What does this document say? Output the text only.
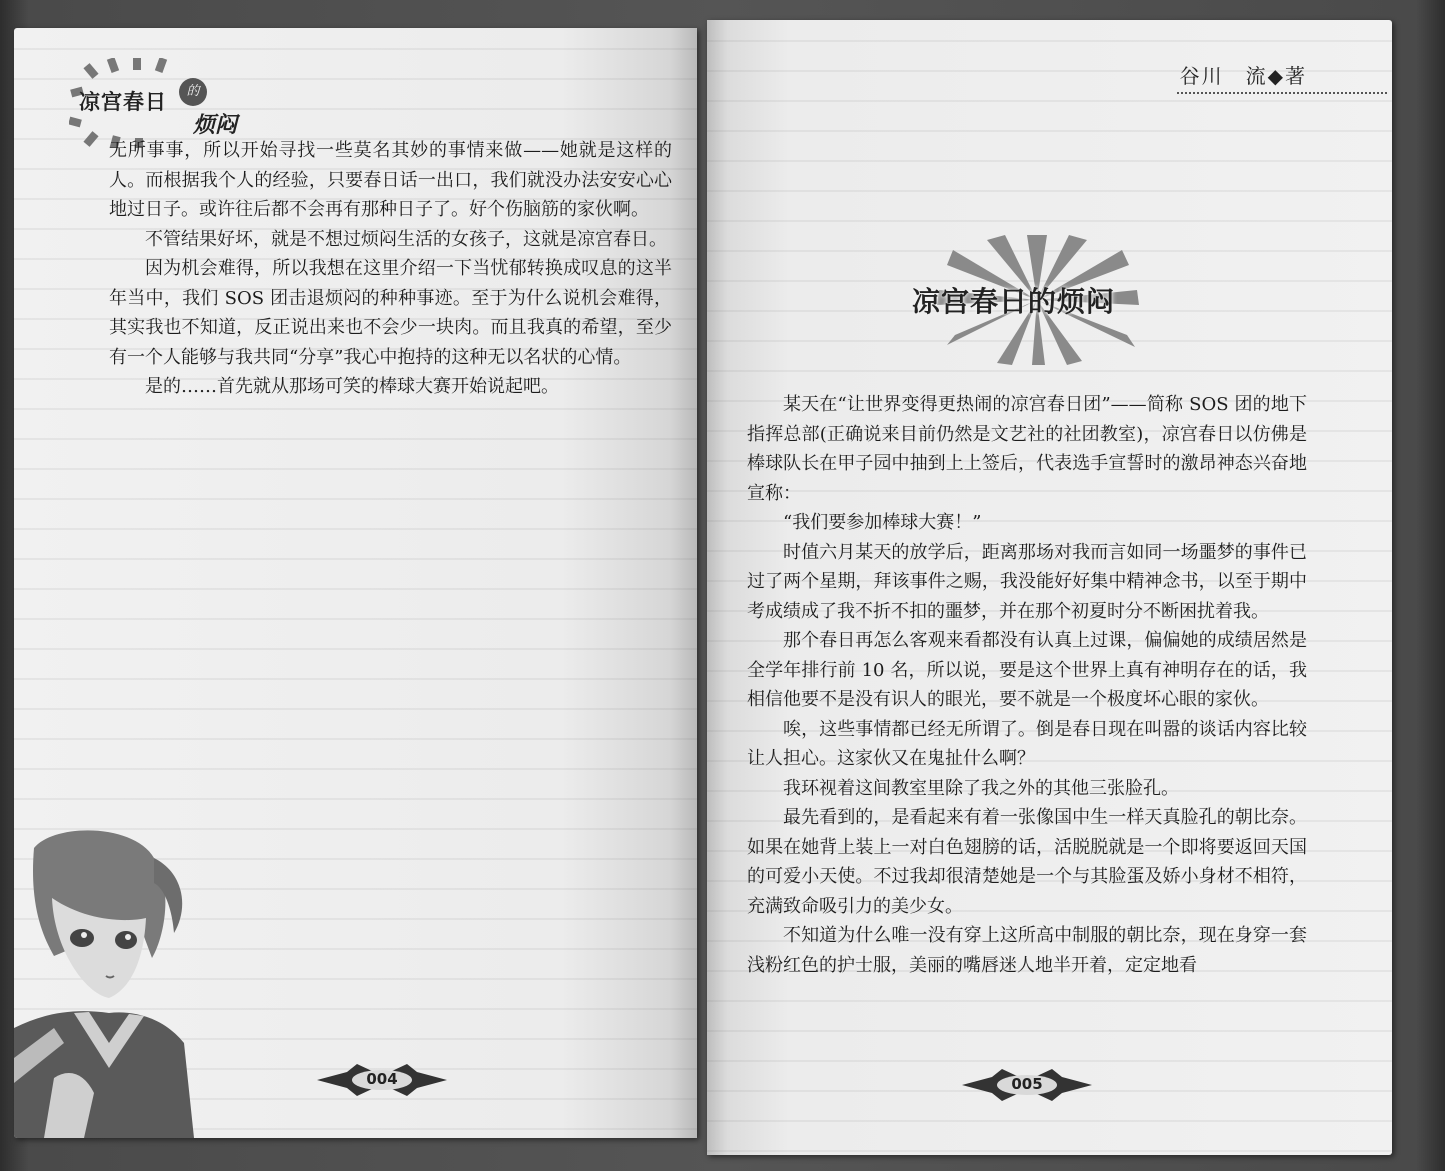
凉宫春日	的
烦闷

无所事事，所以开始寻找一些莫名其妙的事情来做——她就是这样的人。而根据我个人的经验，只要春日话一出口，我们就没办法安安心心地过日子。或许往后都不会再有那种日子了。好个伤脑筋的家伙啊。

不管结果好坏，就是不想过烦闷生活的女孩子，这就是凉宫春日。

因为机会难得，所以我想在这里介绍一下当忧郁转换成叹息的这半年当中，我们 SOS 团击退烦闷的种种事迹。至于为什么说机会难得，其实我也不知道，反正说出来也不会少一块肉。而且我真的希望，至少有一个人能够与我共同“分享”我心中抱持的这种无以名状的心情。

是的……首先就从那场可笑的棒球大赛开始说起吧。

004
谷川　流◆著
凉宫春日的烦闷

某天在“让世界变得更热闹的凉宫春日团”——简称 SOS 团的地下指挥总部(正确说来目前仍然是文艺社的社团教室)，凉宫春日以仿佛是棒球队长在甲子园中抽到上上签后，代表选手宣誓时的激昂神态兴奋地宣称：

“我们要参加棒球大赛！”

时值六月某天的放学后，距离那场对我而言如同一场噩梦的事件已过了两个星期，拜该事件之赐，我没能好好集中精神念书，以至于期中考成绩成了我不折不扣的噩梦，并在那个初夏时分不断困扰着我。

那个春日再怎么客观来看都没有认真上过课，偏偏她的成绩居然是全学年排行前 10 名，所以说，要是这个世界上真有神明存在的话，我相信他要不是没有识人的眼光，要不就是一个极度坏心眼的家伙。

唉，这些事情都已经无所谓了。倒是春日现在叫嚣的谈话内容比较让人担心。这家伙又在鬼扯什么啊？

我环视着这间教室里除了我之外的其他三张脸孔。

最先看到的，是看起来有着一张像国中生一样天真脸孔的朝比奈。如果在她背上装上一对白色翅膀的话，活脱脱就是一个即将要返回天国的可爱小天使。不过我却很清楚她是一个与其脸蛋及娇小身材不相符，充满致命吸引力的美少女。

不知道为什么唯一没有穿上这所高中制服的朝比奈，现在身穿一套浅粉红色的护士服，美丽的嘴唇迷人地半开着，定定地看

005
